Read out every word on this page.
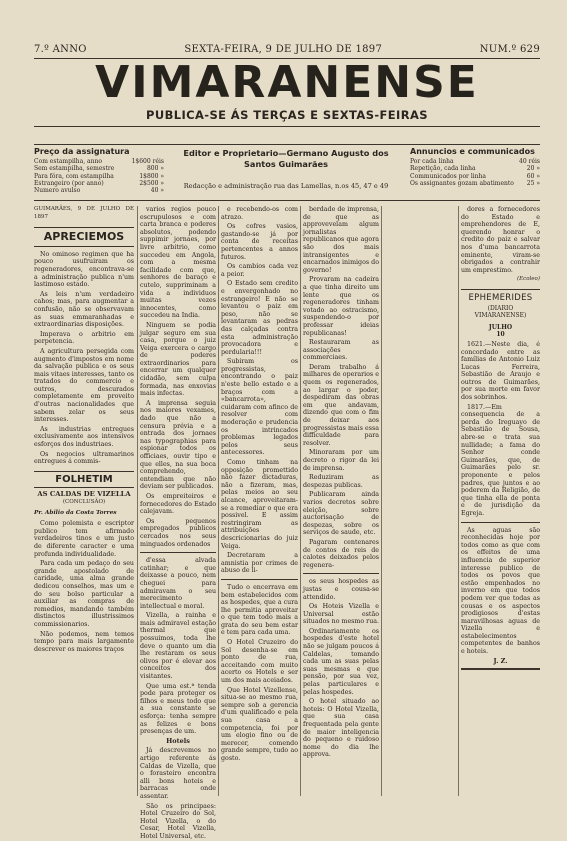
7.º ANNO	SEXTA-FEIRA, 9 DE JULHO DE 1897	NUM.º 629
VIMARANENSE
PUBLICA-SE ÁS TERÇAS E SEXTAS-FEIRAS
Preço da assignatura
Com estampilha, anno	1$600 réis
Sem estampilha, semestre	800 »
Para fóra, com estampilha	1$800 »
Estrangeiro (por anno)	2$500 »
Numero avulso	40 »
Editor e Proprietario—Germano Augusto dos Santos Guimarães
Redacção e administração rua das Lamellas, n.os 45, 47 e 49
Annuncios e communicados
Por cada linha	40 réis
Repetição, cada linha	20 »
Communicados por linha	60 »
Os assignantes gozam abatimento 25 »
GUIMARÃES, 9 DE JULHO DE 1897
APRECIEMOS

No ominoso regimen que ha pouco usufruiram os regeneradores, encontrava-se a administração publica n'um lastimoso estado.

As leis n'um verdadeiro cahos; mas, para augmentar a confusão, não se observavam as suas emmaranhadas e extraordinarias disposições.

Imperava o arbitrio em perpetencia.

A agricultura persegida com augmento d'impostos em nome da salvação publica e os seus mais vitaes interesses, tanto os tratados do commercio e outros, descurados completamente em proveito d'outras nacionalidades que sabem zelar os seus interesses.

As industrias entregues exclusivamente aos intensivos esforços dos industriaes.

Os negocios ultramarinos entregues á commis-

FOLHETIM
AS CALDAS DE VIZELLA
(CONCLUSÃO)
Pr. Abilio da Costa Torres

Como polemista e escriptor publico tem afirmado verdadeiros tinos e um justo de diferente caracter e uma profunda individualidade.

Para cada um pedaço do seu grande apostolado de caridade, uma alma grande dedicou conselhos, mas um e do seu bolso particular a auxiliar as compras de remedios, mandando também distinctos illustrissimos commissionarios.

Não podemos, nem temos tempo para mais largamente descrever os maiores traços

varios regios pouco escrupulosos e com carta branca e poderes absolutos, podendo suppimir jornaes, por livre arbitrio, como succedeu em Angola, com a mesma facilidade com que, senhores de baraço e cutelo, suppriminam a vida a individuos muitas vezes innocentes, como succedeu na India.

Ninguem se podia julgar seguro em sua casa, porque o juiz Veiga exercera o cargo de poderes extraordinarios para encerrar um qualquer cidadão, sem culpa formada, nas enxovias mais infectas.

A imprensa seguia nos maiores vexames, dado que não a censura prévia e a entrada dos jornaes nas typographias para espionar todos os officiaes, ouvir tipo e que elles, na sua boca comprehendo, entendiam que não deviam ser publicados.

Os empreiteiros e fornecedores do Estado calejavam.

Os pequenos empregados publicos cercados nos seus minguados ordenados

d'essa alvada catinhar; e que deixasse a pouco, nem cheguei para admiravam o seu merecimento intellectual e moral.

Vizella, a rainha e mais admiravel estação thermal que possuimos, toda lhe deve o quanto um dia lhe restaram os seus olivos por é elevar aos conceitos dos visitantes.

Que uma est.ª tenda pode para proteger os filhos e meus todo que a sua constante se esforça: tenha sempre as felizes e bons presenças de um.

Hotels

Já descrevemos no artigo referente ás Caldas de Vizella, que o forasteiro encontra alli bons hoteis e barracas onde assentar.

São os principaes: Hotel Cruzeiro do Sol, Hotel Vizella, o do Cesar, Hotel Vizella, Hotel Universal, etc.

e recebendo-os com atrazo.

Os cofres vasios, gastando-se já por conta de receitas pertencentes a annos futuros.

Os cambios cada vez a peior.

O Estado sem credito e envergonhado no estrangeiro! E não se levantou o paiz em peso, não se levantaram as pedras das calçadas contra esta administração provocadora e perdularia!!!

Subiram os progressistas, encontrando o paiz n'este bello estado e a braços com a «bancarrota», cuidaram com afinco de resolver com moderação e prudencia os intrincados problemas legados pelos seus antecessores.

Como tinham na opposição promettido não fazer dictaduras, não a fizeram, mas, pelas meios ao seu alcance, aproveitaram-se a remediar o que era possivel. E assim restringiram as attribuições descricionarias do juiz Veiga.

Decretaram a amnistia por crimes de abuso de li-

Tudo o encerrava em bem estabelecidos com as hospedes, que a cura lhe permitia aproveitar o que tem todo mais a grata do seu bem estar e tem para cada uma.

O Hotel Cruzeiro do Sol desenha-se em ponto de rua, acceitando com muito acerto os Hotels e ser um dos mais aceiados.

Que Hotel Vizellense, situa-se ao mesmo rua, sempre sob a gerencia d'um qualificado e pela sua casa a competencia, foi por um elogio fino ou de merecer, comendo grande sempre, tudo ao gosto.

berdade de imprensa, de que as approvevelam algum jornalistas republicanos que agora são dos mais intransigentes e encarnados inimigos do governo!

Provaram na cadeira a que tinha direito um lente que os regeneradores tinham votado ao ostracismo, suspendendo-o por professar ideias republicanas!

Restauraram as associações commerciaes.

Deram trabalho á milhares de operarios e quem os regenerados, ao largar o poder, despediram das obras em que andavam, dizendo que com o fim de deixar aos progressistas mais essa difficuldade para resolver.

Minoraram por um decreto o rigor da lei de imprensa.

Reduziram as despezas publicas.

Publicaram ainda varios decretos sobre eleição, sobre auctorisação de despezas, sobre os serviços de saude, etc.

Pagaram centenares de contos de reis de calotes deixados pelos regenera-

os seus hospedes as justas e cousa-se attendido.

Os Hoteis Vizella e Universal estão situados no mesmo rua.

Ordinariamente os hospedes d'este hotel não se julgam poucos á Caldelas, tomando cada um as suas pelas suas mesmas e que pensão, por sua vez, pelas particulares e pelas hospedes.

O hotel situado ao hoteis: O Hotel Vizella, que sua casa frequentada pela gente de maior inteligencia do pequeno e ruidoso nome do dia lhe approva.

dores a fornecedores do Estado e emprehendores de E, querendo honrar o credito do paiz e salvar nos d'uma bancarrota eminente, viram-se obrigados a contrahir um emprestimo.

(Ecoleo)
EPHEMERIDES
(DIARIO VIMARANENSE)
JULHO
10

1621.—Neste dia, é concordado entre as famílias de Antonio Luiz Lucas Ferreira, Sebastião de Araujo e outros de Guimarães, por sua morte em favor dos sobrinhos.

1817.—Em consequencia de a perda do Ireguayo de Sebastião de Sousa, abre-se e trata sua nullidade; a fama do Senhor conde Guimarães, que, de Guimarães pelo sr. proponente e pelos padres, que juntos e ao poderem da Religião, de que tinha ella de ponta e de jurisdição da Egreja.

As aguas são reconhecidas hoje por todos como as que com os effeitos de uma influencia de superior interesse publico de todos os povos que estão empenhados no inverno em que todos podem ver que todas as cousas e os aspectos prodigiosos d'estas maravilhosas aguas de Vizella e estabelecimentos competentes de banhos e hoteis.

J. Z.
